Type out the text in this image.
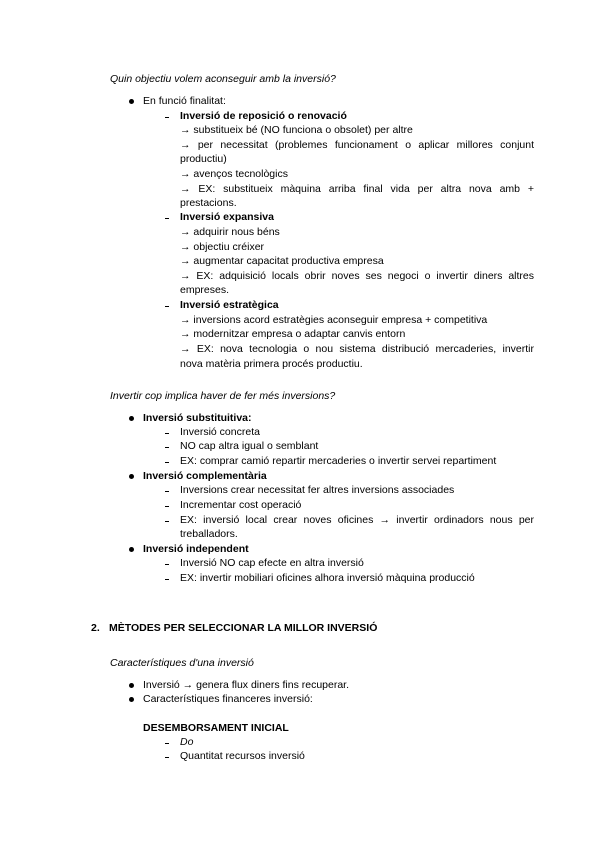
Quin objectiu volem aconseguir amb la inversió?
En funció finalitat:
Inversió de reposició o renovació
→ substitueix bé (NO funciona o obsolet) per altre
→ per necessitat (problemes funcionament o aplicar millores conjunt
productiu)
→ avenços tecnològics
→ EX: substitueix màquina arriba final vida per altra nova amb +
prestacions.
Inversió expansiva
→ adquirir nous béns
→ objectiu créixer
→ augmentar capacitat productiva empresa
→ EX: adquisició locals obrir noves ses negoci o invertir diners altres
empreses.
Inversió estratègica
→ inversions acord estratègies aconseguir empresa + competitiva
→ modernitzar empresa o adaptar canvis entorn
→ EX: nova tecnologia o nou sistema distribució mercaderies, invertir
nova matèria primera procés productiu.
Invertir cop implica haver de fer més inversions?
Inversió substituitiva:
Inversió concreta
NO cap altra igual o semblant
EX: comprar camió repartir mercaderies o invertir servei repartiment
Inversió complementària
Inversions crear necessitat fer altres inversions associades
Incrementar cost operació
EX: inversió local crear noves oficines → invertir ordinadors nous per
treballadors.
Inversió independent
Inversió NO cap efecte en altra inversió
EX: invertir mobiliari oficines alhora inversió màquina producció
2. MÈTODES PER SELECCIONAR LA MILLOR INVERSIÓ
Característiques d'una inversió
Inversió → genera flux diners fins recuperar.
Característiques financeres inversió:
DESEMBORSAMENT INICIAL
Do
Quantitat recursos inversió
